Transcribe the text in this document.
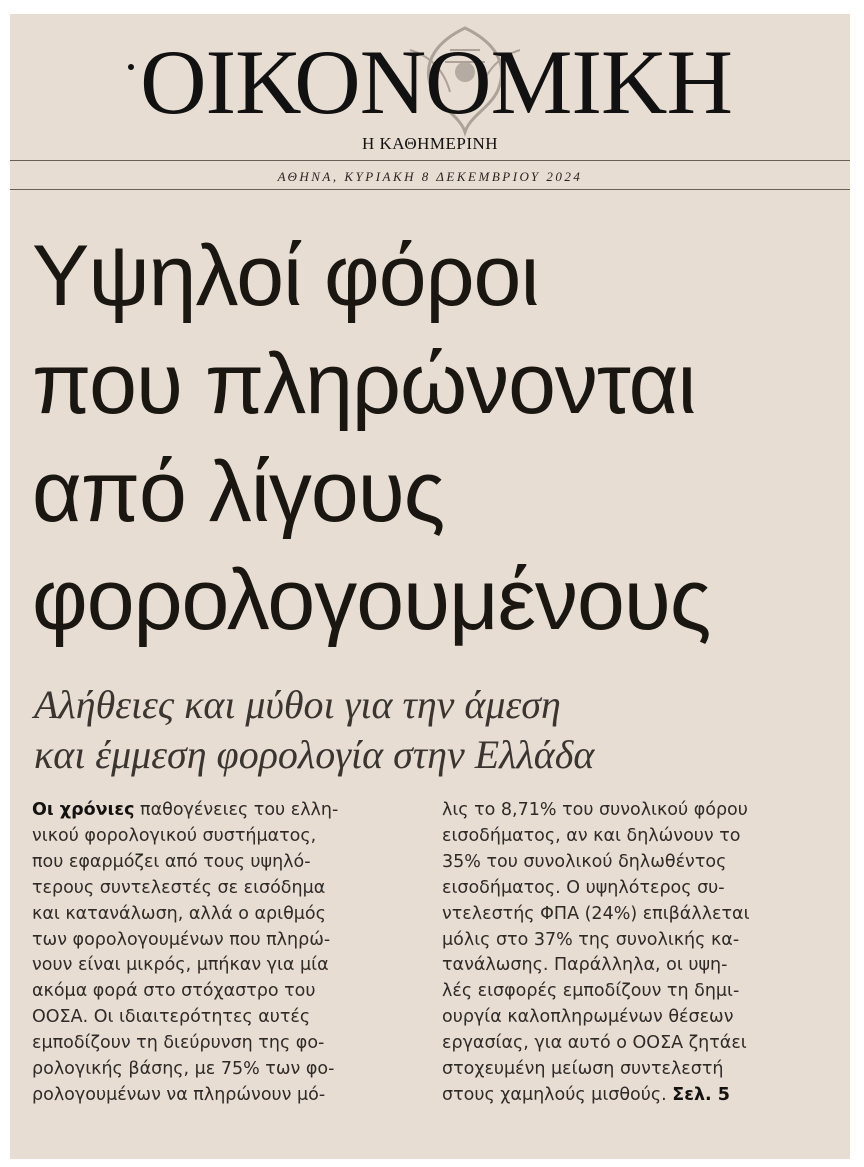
ΟΙΚΟΝΟΜΙΚΗ
Η ΚΑΘΗΜΕΡΙΝΗ
ΑΘΗΝΑ, ΚΥΡΙΑΚΗ 8 ΔΕΚΕΜΒΡΙΟΥ 2024
Υψηλοί φόροι
που πληρώνονται
από λίγους
φορολογουμένους
Αλήθειες και μύθοι για την άμεση
και έμμεση φορολογία στην Ελλάδα
Οι χρόνιες παθογένειες του ελλη-
νικού φορολογικού συστήματος,
που εφαρμόζει από τους υψηλό-
τερους συντελεστές σε εισόδημα
και κατανάλωση, αλλά ο αριθμός
των φορολογουμένων που πληρώ-
νουν είναι μικρός, μπήκαν για μία
ακόμα φορά στο στόχαστρο του
ΟΟΣΑ. Οι ιδιαιτερότητες αυτές
εμποδίζουν τη διεύρυνση της φο-
ρολογικής βάσης, με 75% των φο-
ρολογουμένων να πληρώνουν μό-
λις το 8,71% του συνολικού φόρου
εισοδήματος, αν και δηλώνουν το
35% του συνολικού δηλωθέντος
εισοδήματος. Ο υψηλότερος συ-
ντελεστής ΦΠΑ (24%) επιβάλλεται
μόλις στο 37% της συνολικής κα-
τανάλωσης. Παράλληλα, οι υψη-
λές εισφορές εμποδίζουν τη δημι-
ουργία καλοπληρωμένων θέσεων
εργασίας, για αυτό ο ΟΟΣΑ ζητάει
στοχευμένη μείωση συντελεστή
στους χαμηλούς μισθούς. Σελ. 5
